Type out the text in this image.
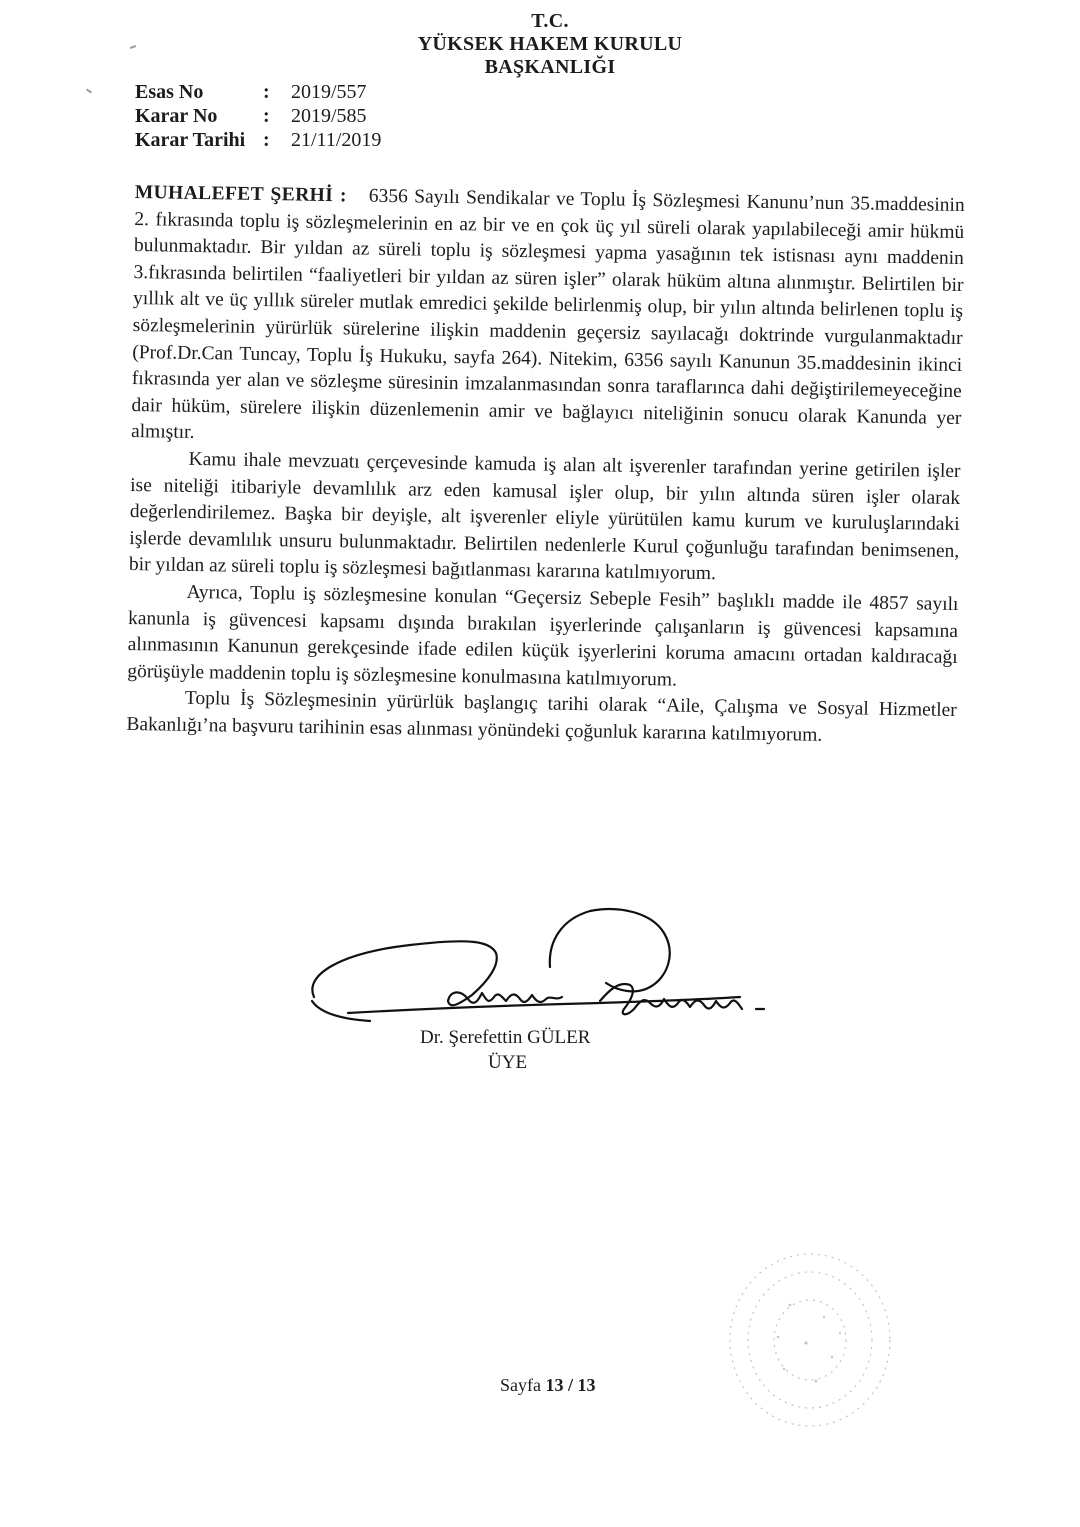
T.C.
YÜKSEK HAKEM KURULU
BAŞKANLIĞI
Esas No	:	2019/557
Karar No	:	2019/585
Karar Tarihi :	21/11/2019

MUHALEFET ŞERHİ : 6356 Sayılı Sendikalar ve Toplu İş Sözleşmesi Kanunu’nun 35.maddesinin 2. fıkrasında toplu iş sözleşmelerinin en az bir ve en çok üç yıl süreli olarak yapılabileceği amir hükmü bulunmaktadır. Bir yıldan az süreli toplu iş sözleşmesi yapma yasağının tek istisnası aynı maddenin 3.fıkrasında belirtilen “faaliyetleri bir yıldan az süren işler” olarak hüküm altına alınmıştır. Belirtilen bir yıllık alt ve üç yıllık süreler mutlak emredici şekilde belirlenmiş olup, bir yılın altında belirlenen toplu iş sözleşmelerinin yürürlük sürelerine ilişkin maddenin geçersiz sayılacağı doktrinde vurgulanmaktadır (Prof.Dr.Can Tuncay, Toplu İş Hukuku, sayfa 264). Nitekim, 6356 sayılı Kanunun 35.maddesinin ikinci fıkrasında yer alan ve sözleşme süresinin imzalanmasından sonra taraflarınca dahi değiştirilemeyeceğine dair hüküm, sürelere ilişkin düzenlemenin amir ve bağlayıcı niteliğinin sonucu olarak Kanunda yer almıştır.

Kamu ihale mevzuatı çerçevesinde kamuda iş alan alt işverenler tarafından yerine getirilen işler ise niteliği itibariyle devamlılık arz eden kamusal işler olup, bir yılın altında süren işler olarak değerlendirilemez. Başka bir deyişle, alt işverenler eliyle yürütülen kamu kurum ve kuruluşlarındaki işlerde devamlılık unsuru bulunmaktadır. Belirtilen nedenlerle Kurul çoğunluğu tarafından benimsenen, bir yıldan az süreli toplu iş sözleşmesi bağıtlanması kararına katılmıyorum.

Ayrıca, Toplu iş sözleşmesine konulan “Geçersiz Sebeple Fesih” başlıklı madde ile 4857 sayılı kanunla iş güvencesi kapsamı dışında bırakılan işyerlerinde çalışanların iş güvencesi kapsamına alınmasının Kanunun gerekçesinde ifade edilen küçük işyerlerini koruma amacını ortadan kaldıracağı görüşüyle maddenin toplu iş sözleşmesine konulmasına katılmıyorum.

Toplu İş Sözleşmesinin yürürlük başlangıç tarihi olarak “Aile, Çalışma ve Sosyal Hizmetler Bakanlığı’na başvuru tarihinin esas alınması yönündeki çoğunluk kararına katılmıyorum.

Dr. Şerefettin GÜLER
ÜYE
Sayfa 13 / 13
